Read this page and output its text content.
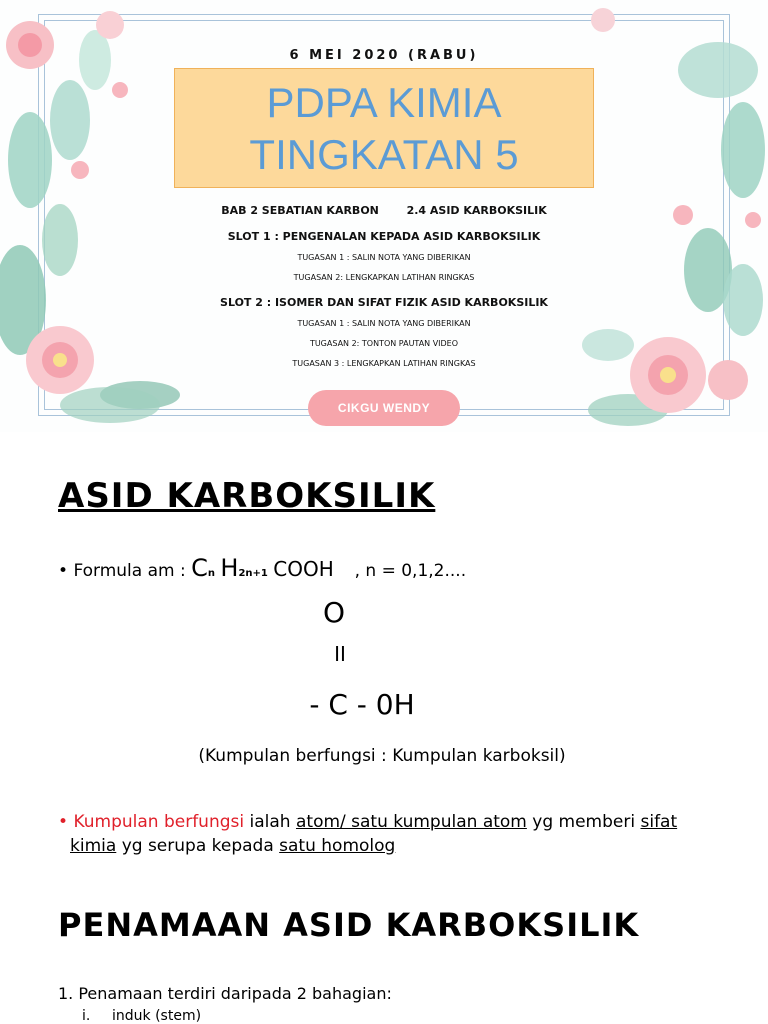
6 MEI 2020 (RABU)
PDPA KIMIA
TINGKATAN 5
BAB 2 SEBATIAN KARBON	2.4 ASID KARBOKSILIK
SLOT 1 : PENGENALAN KEPADA ASID KARBOKSILIK
TUGASAN 1 : SALIN NOTA YANG DIBERIKAN
TUGASAN 2: LENGKAPKAN LATIHAN RINGKAS
SLOT 2 : ISOMER DAN SIFAT FIZIK ASID KARBOKSILIK
TUGASAN 1 : SALIN NOTA YANG DIBERIKAN
TUGASAN 2: TONTON PAUTAN VIDEO
TUGASAN 3 : LENGKAPKAN LATIHAN RINGKAS
CIKGU WENDY
ASID KARBOKSILIK
• Formula am : Cn H2n+1 COOH , n = 0,1,2....
O
II
- C - 0H
(Kumpulan berfungsi : Kumpulan karboksil)
• Kumpulan berfungsi ialah atom/ satu kumpulan atom yg memberi sifat
kimia yg serupa kepada satu homolog
PENAMAAN ASID KARBOKSILIK
1. Penamaan terdiri daripada 2 bahagian:
i. induk (stem)
